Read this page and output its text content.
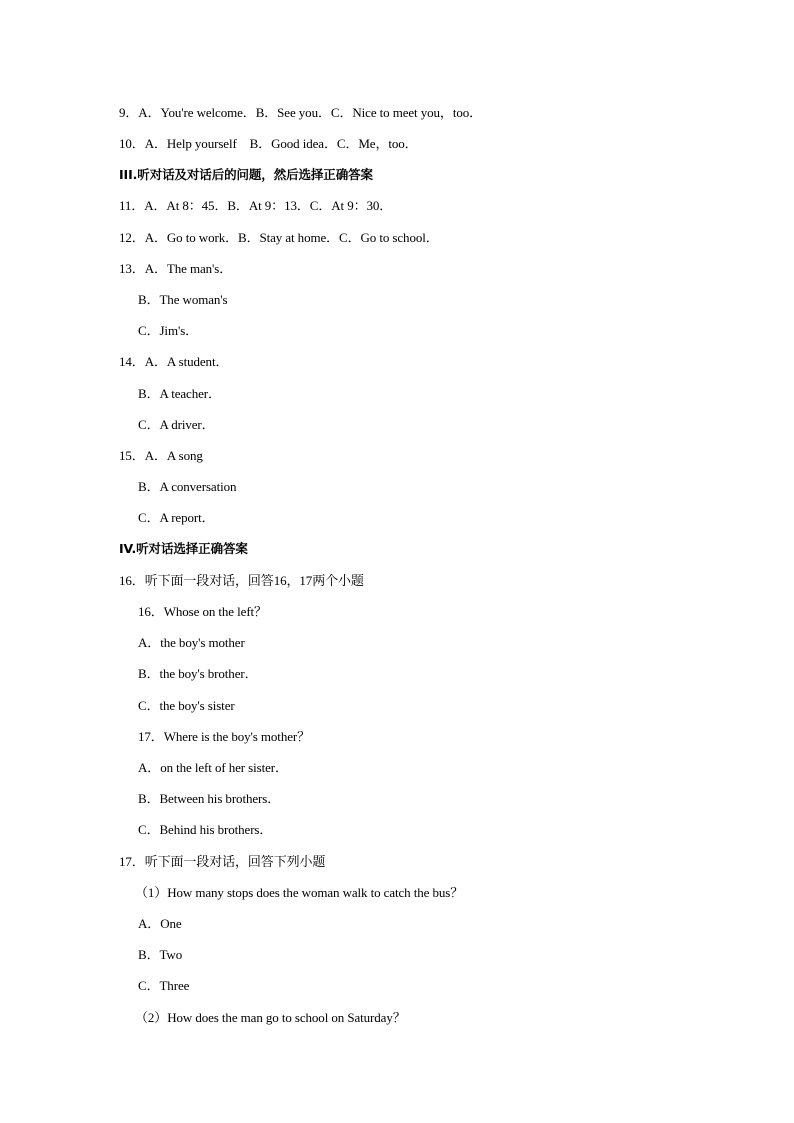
9．A．You're welcome．B．See you．C．Nice to meet you，too．
10．A．Help yourself　B．Good idea．C．Me，too．
III.听对话及对话后的问题，然后选择正确答案
11．A．At 8：45．B．At 9：13．C．At 9：30．
12．A．Go to work．B．Stay at home．C．Go to school．
13．A．The man's．
B．The woman's
C．Jim's．
14．A．A student．
B．A teacher．
C．A driver．
15．A．A song
B．A conversation
C．A report．
IV.听对话选择正确答案
16．听下面一段对话，回答16，17两个小题
16．Whose on the left？
A．the boy's mother
B．the boy's brother．
C．the boy's sister
17．Where is the boy's mother？
A．on the left of her sister．
B．Between his brothers．
C．Behind his brothers．
17．听下面一段对话，回答下列小题
（1）How many stops does the woman walk to catch the bus？
A．One
B．Two
C．Three
（2）How does the man go to school on Saturday？
